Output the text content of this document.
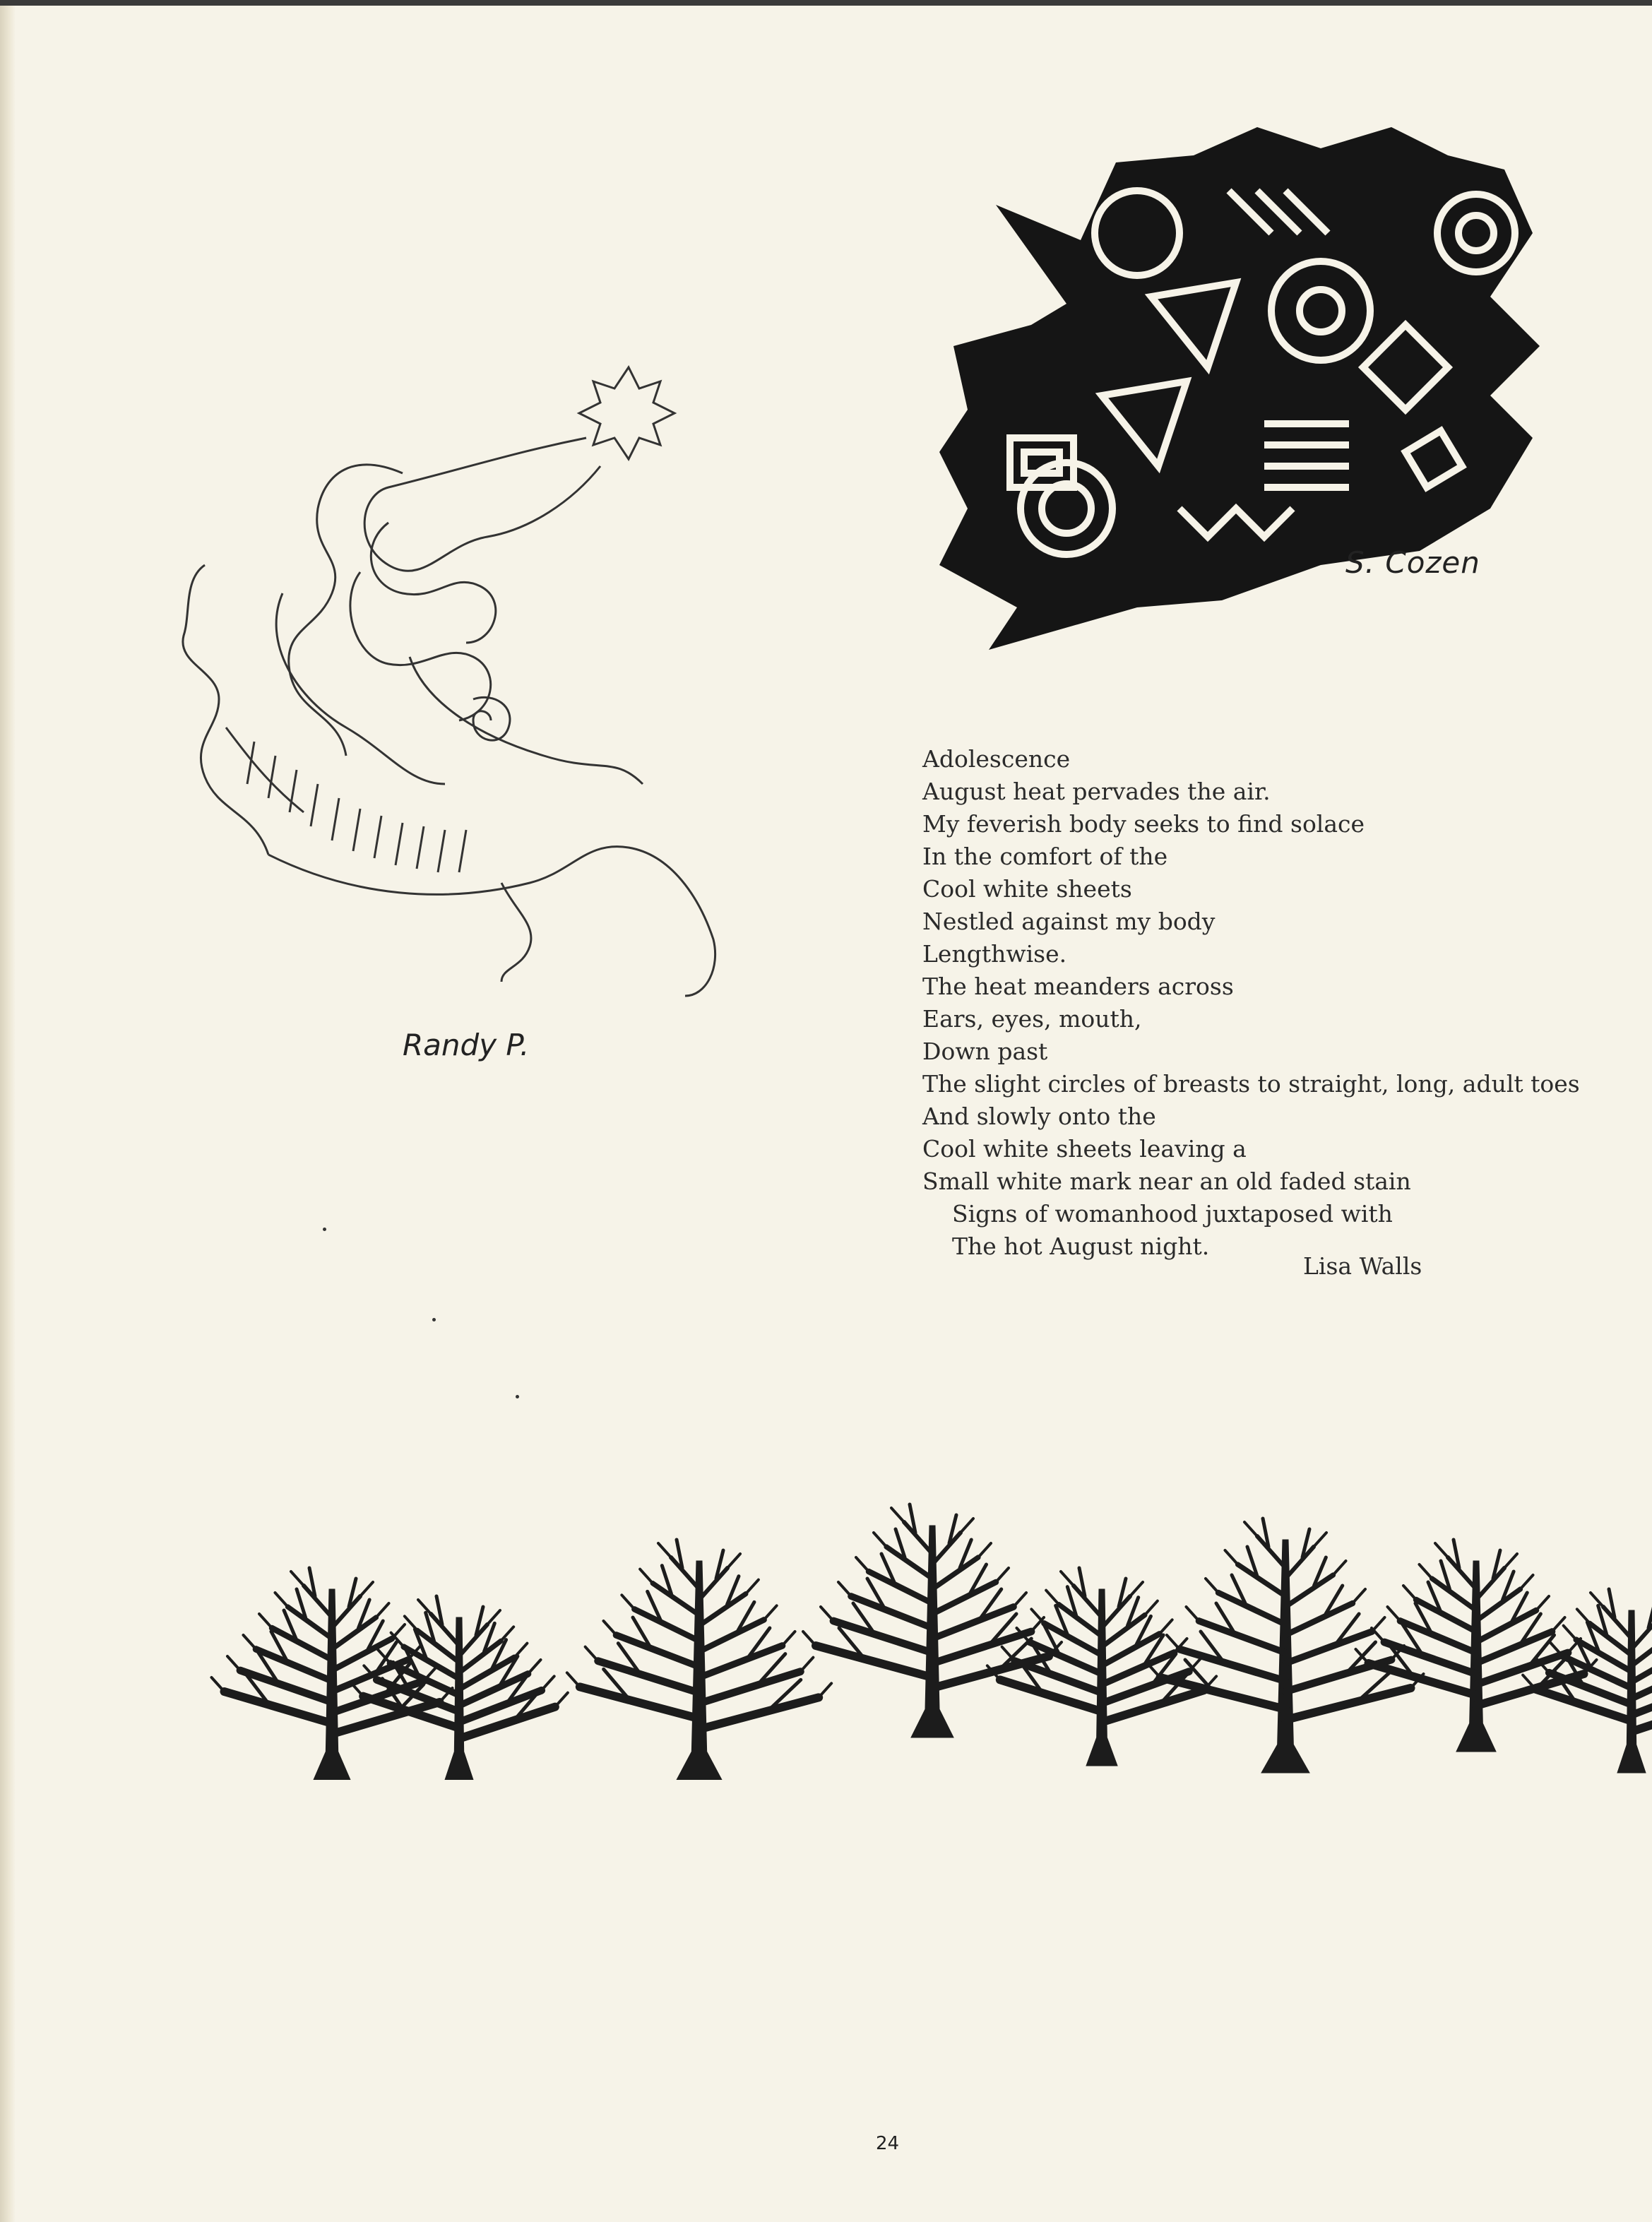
Randy P.
S. Cozen
Adolescence
August heat pervades the air.
My feverish body seeks to find solace
In the comfort of the
Cool white sheets
Nestled against my body
Lengthwise.
The heat meanders across
Ears, eyes, mouth,
Down past
The slight circles of breasts to straight, long, adult toes
And slowly onto the
Cool white sheets leaving a
Small white mark near an old faded stain
Signs of womanhood juxtaposed with
The hot August night.
Lisa Walls
24
